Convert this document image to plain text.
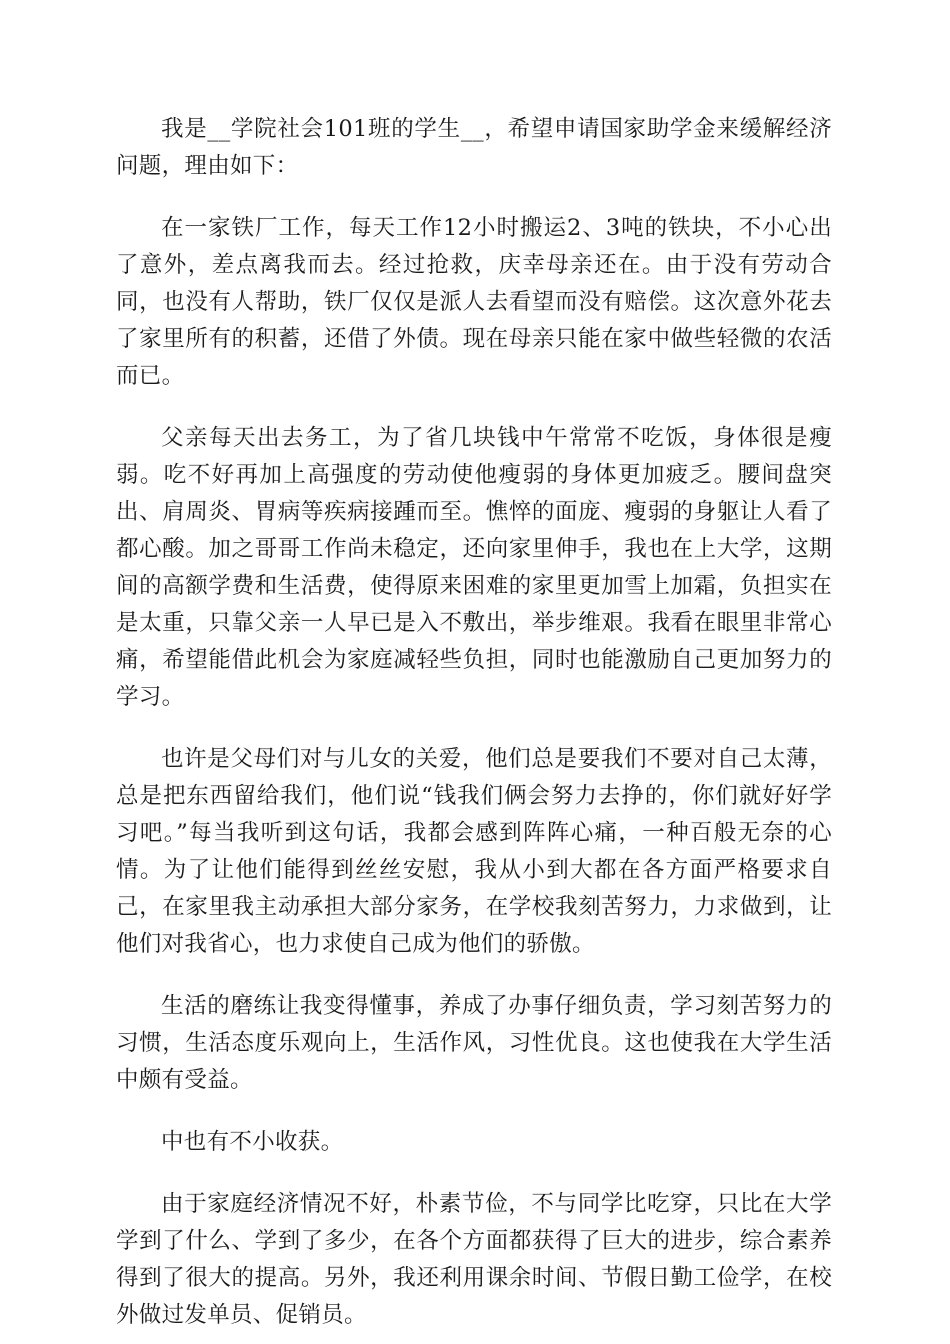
我是__学院社会101班的学生__，希望申请国家助学金来缓解经济问题，理由如下：

在一家铁厂工作，每天工作12小时搬运2、3吨的铁块，不小心出了意外，差点离我而去。经过抢救，庆幸母亲还在。由于没有劳动合同，也没有人帮助，铁厂仅仅是派人去看望而没有赔偿。这次意外花去了家里所有的积蓄，还借了外债。现在母亲只能在家中做些轻微的农活而已。

父亲每天出去务工，为了省几块钱中午常常不吃饭，身体很是瘦弱。吃不好再加上高强度的劳动使他瘦弱的身体更加疲乏。腰间盘突出、肩周炎、胃病等疾病接踵而至。憔悴的面庞、瘦弱的身躯让人看了都心酸。加之哥哥工作尚未稳定，还向家里伸手，我也在上大学，这期间的高额学费和生活费，使得原来困难的家里更加雪上加霜，负担实在是太重，只靠父亲一人早已是入不敷出，举步维艰。我看在眼里非常心痛，希望能借此机会为家庭减轻些负担，同时也能激励自己更加努力的学习。

也许是父母们对与儿女的关爱，他们总是要我们不要对自己太薄，总是把东西留给我们，他们说“钱我们俩会努力去挣的，你们就好好学习吧。”每当我听到这句话，我都会感到阵阵心痛，一种百般无奈的心情。为了让他们能得到丝丝安慰，我从小到大都在各方面严格要求自己，在家里我主动承担大部分家务，在学校我刻苦努力，力求做到，让他们对我省心，也力求使自己成为他们的骄傲。

生活的磨练让我变得懂事，养成了办事仔细负责，学习刻苦努力的习惯，生活态度乐观向上，生活作风，习性优良。这也使我在大学生活中颇有受益。

中也有不小收获。

由于家庭经济情况不好，朴素节俭，不与同学比吃穿，只比在大学学到了什么、学到了多少，在各个方面都获得了巨大的进步，综合素养得到了很大的提高。另外，我还利用课余时间、节假日勤工俭学，在校外做过发单员、促销员。
